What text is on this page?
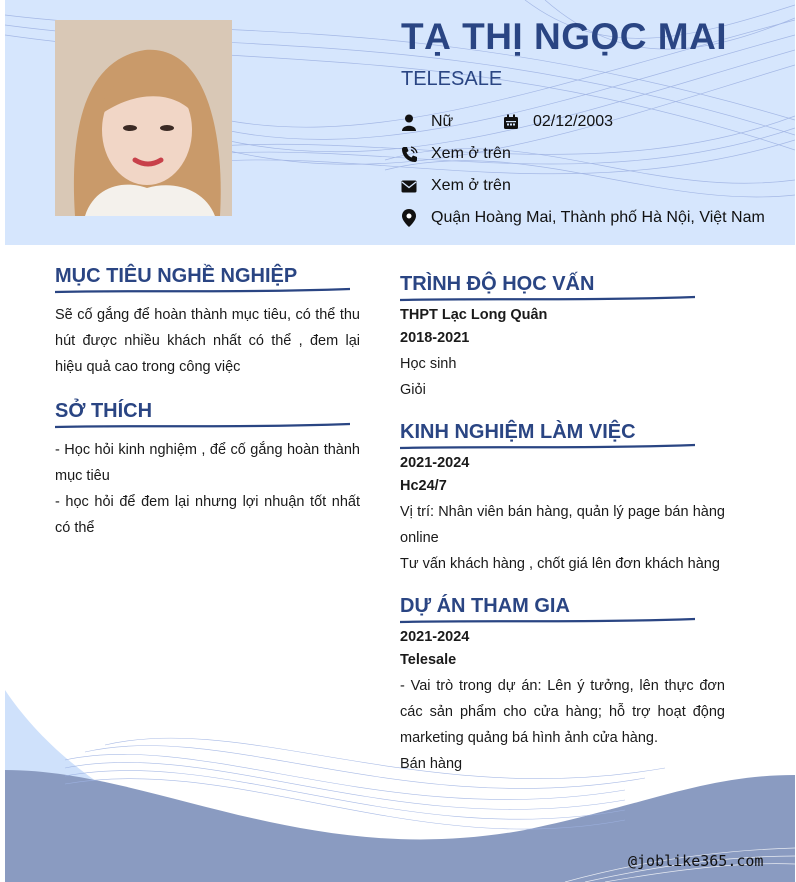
TẠ THỊ NGỌC MAI
TELESALE
Nữ	02/12/2003
Xem ở trên
Xem ở trên
Quận Hoàng Mai, Thành phố Hà Nội, Việt Nam
MỤC TIÊU NGHỀ NGHIỆP

Sẽ cố gắng để hoàn thành mục tiêu, có thể thu hút được nhiều khách nhất có thể , đem lại hiệu quả cao trong công việc

SỞ THÍCH

- Học hỏi kinh nghiệm , để cố gắng hoàn thành mục tiêu

- học hỏi để đem lại nhưng lợi nhuận tốt nhất có thể

TRÌNH ĐỘ HỌC VẤN
THPT Lạc Long Quân
2018-2021
Học sinh
Giỏi
KINH NGHIỆM LÀM VIỆC
2021-2024
Hc24/7

Vị trí: Nhân viên bán hàng, quản lý page bán hàng online

Tư vấn khách hàng , chốt giá lên đơn khách hàng
DỰ ÁN THAM GIA
2021-2024
Telesale

- Vai trò trong dự án: Lên ý tưởng, lên thực đơn các sản phẩm cho cửa hàng; hỗ trợ hoạt động marketing quảng bá hình ảnh cửa hàng.

Bán hàng
@joblike365.com
